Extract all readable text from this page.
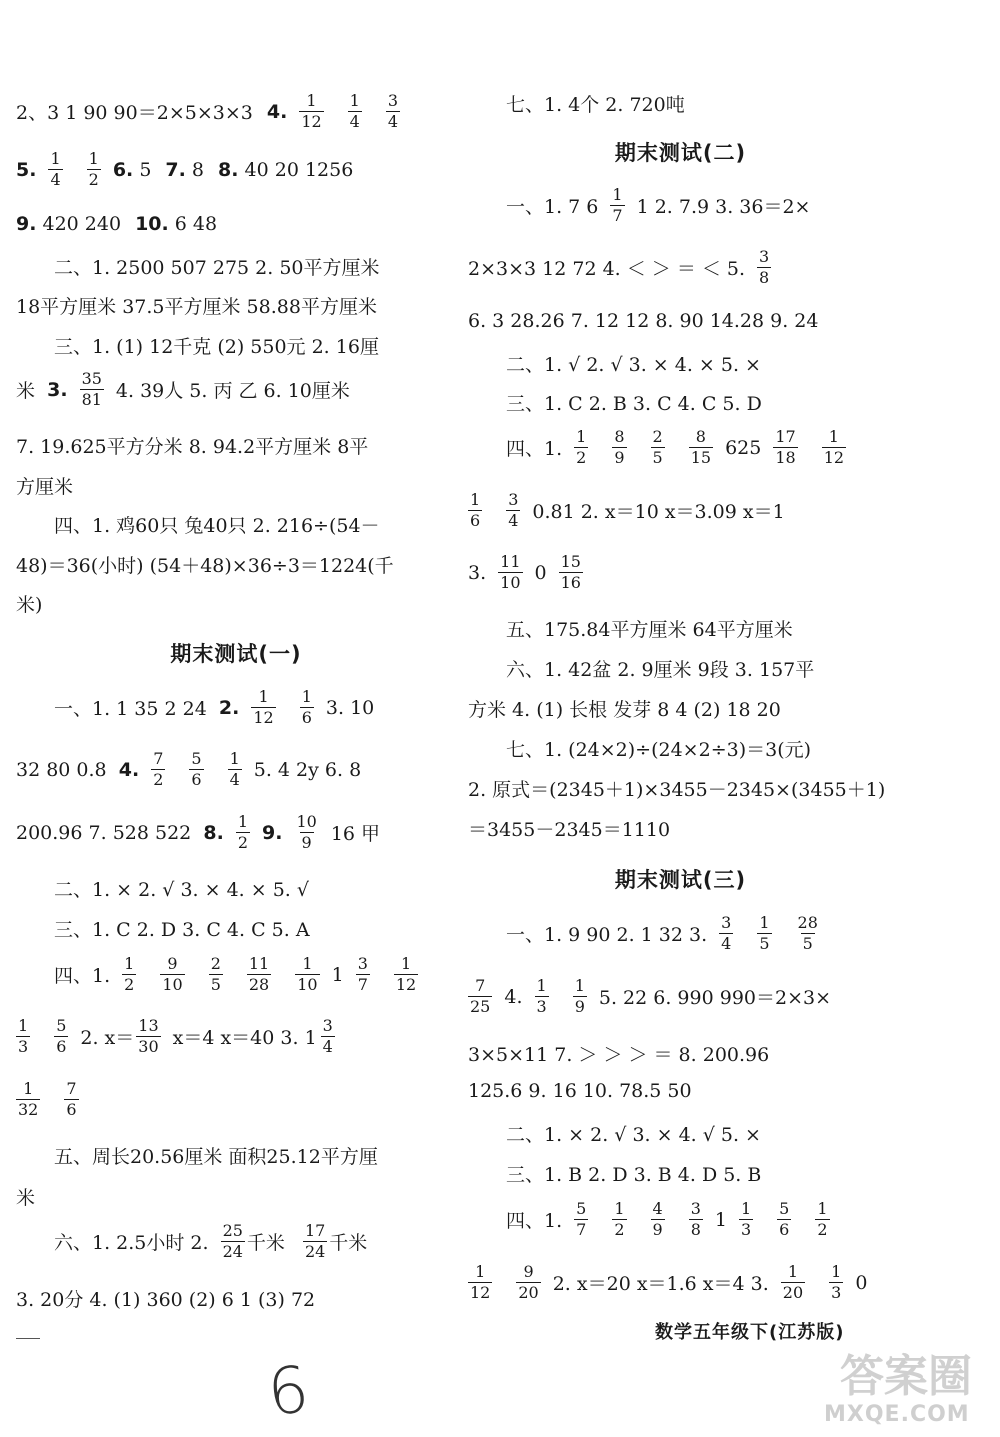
2、3 1 90 90＝2×5×3×3 4. $\frac{1}{12} \frac{1}{4} \frac{3}{4}$
5. $\frac{1}{4} \frac{1}{2} 6$.
5 7.
8 8.
40 20 1256
9.
420 240 10.
6 48
二、1. 2500 507 275 2. 50平方厘米
18平方厘米 37.5平方厘米 58.88平方厘米
三、1. (1) 12千克 (2) 550元 2. 16厘
米
3. $\frac{35}{81} 4$. 39人 5. 丙 乙 6. 10厘米
7. 19.625平方分米 8. 94.2平方厘米 8平
方厘米
四、1. 鸡60只 兔40只 2. 216÷(54－
48)＝36(小时) (54＋48)×36÷3＝1224(千
米)
期末测试(一)
一、1. 1 35 2 24
2. $\frac{1}{12} \frac{1}{6} 3$. 10
32 80 0.8
4. $\frac{7}{2} \frac{5}{6} \frac{1}{4} 5$. 4 2y 6. 8
200.96 7. 528 522
8. $\frac{1}{2} 9$. $\frac{10}{9} 16$ 甲
二、1. × 2. √ 3. × 4. × 5. √
三、1. C 2. D 3. C 4. C 5. A
四、1. $\frac{1}{2} \frac{9}{10} \frac{2}{5} \frac{11}{28} \frac{1}{10} 1 \frac{3}{7} \frac{1}{12}$
$\frac{1}{3} \frac{5}{6} 2$. $x= \frac{13}{30} x=4$ x＝40 3. $1 \frac{3}{4}$
$\frac{1}{32} \frac{7}{6}$
五、周长20.56厘米 面积25.12平方厘
米
六、1. 2.5小时 2. $\frac{25}{24}$ 千米 $\frac{17}{24}$ 千米
3. 20分 4. (1) 360 (2) 6 1 (3) 72
七、1. 4个 2. 720吨
期末测试(二)
一、1. 7 $6 \frac{1}{7} 1$ 2. 7.9 3. 36＝2×
2×3×3 12 72 4. ＜ ＞ ＝ ＜ 5. $\frac{3}{8}$
6. 3 28.26 7. 12 12 8. 90 14.28 9. 24
二、1. √ 2. √ 3. × 4. × 5. ×
三、1. C 2. B 3. C 4. C 5. D
四、1. $\frac{1}{2} \frac{8}{9} \frac{2}{5} \frac{8}{15} 625 \frac{17}{18} \frac{1}{12}$
$\frac{1}{6} \frac{3}{4} 0.81$ 2. x＝10 x＝3.09 x＝1
3. $\frac{11}{10} 0 \frac{15}{16}$
五、175.84平方厘米 64平方厘米
六、1. 42盆 2. 9厘米 9段 3. 157平
方米 4. (1) 长根 发芽 8 4 (2) 18 20
七、1. (24×2)÷(24×2÷3)＝3(元)
2. 原式＝(2345＋1)×3455－2345×(3455＋1)
＝3455－2345＝1110
期末测试(三)
一、1. 9 90 2. 1 32 3. $\frac{3}{4} \frac{1}{5} \frac{28}{5}$
$\frac{7}{25} 4$. $\frac{1}{3} \frac{1}{9} 5$. 22 6. 990 990＝2×3×
3×5×11 7. ＞ ＞ ＞ ＝ 8. 200.96
125.6 9. 16 10. 78.5 50
二、1. × 2. √ 3. × 4. √ 5. ×
三、1. B 2. D 3. B 4. D 5. B
四、1. $\frac{5}{7} \frac{1}{2} \frac{4}{9} \frac{3}{8} 1 \frac{1}{3} \frac{5}{6} \frac{1}{2}$
$\frac{1}{12} \frac{9}{20} 2$. x＝20 x＝1.6 x＝4 3. $\frac{1}{20} \frac{1}{3} 0$
数学五年级下(江苏版)
6	答案圈
MXQE.COM
